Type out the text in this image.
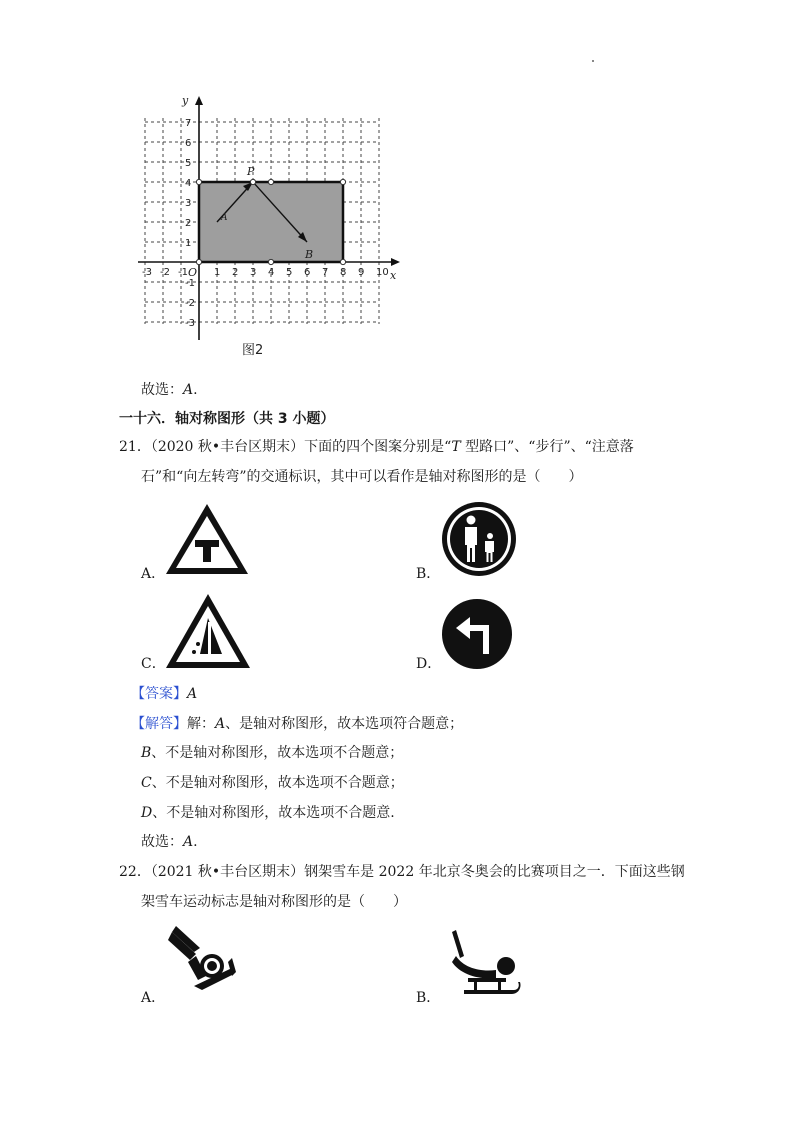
y
x
O
P
A
B
-3 -2 -1	1 2 3 4 5 6 7 8 9 10
7
6
5
4
3
2
1
-1
-2
-3
图2
故选：A.
一十六．轴对称图形（共 3 小题）
21．（2020 秋•丰台区期末）下面的四个图案分别是“T 型路口”、“步行”、“注意落
石”和“向左转弯”的交通标识，其中可以看作是轴对称图形的是（　　）
A．	B．
C．	D．
【答案】A
【解答】解：A、是轴对称图形，故本选项符合题意；
B、不是轴对称图形，故本选项不合题意；
C、不是轴对称图形，故本选项不合题意；
D、不是轴对称图形，故本选项不合题意.
故选：A.
22．（2021 秋•丰台区期末）钢架雪车是 2022 年北京冬奥会的比赛项目之一．下面这些钢
架雪车运动标志是轴对称图形的是（　　）
A．	B．
